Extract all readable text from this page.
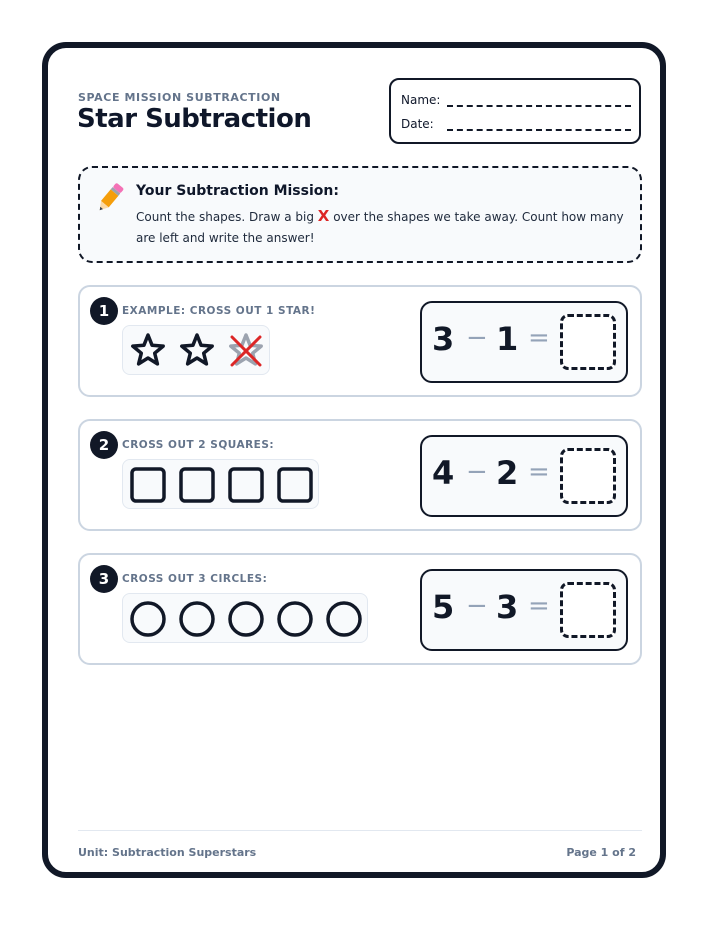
SPACE MISSION SUBTRACTION
Star Subtraction
Name:
Date:
Your Subtraction Mission:
Count the shapes. Draw a big X over the shapes we take away. Count how many are left and write the answer!
1	EXAMPLE: CROSS OUT 1 STAR!
3 − 1 =
2	CROSS OUT 2 SQUARES:
4 − 2 =
3	CROSS OUT 3 CIRCLES:
5 − 3 =
Unit: Subtraction Superstars	Page 1 of 2
